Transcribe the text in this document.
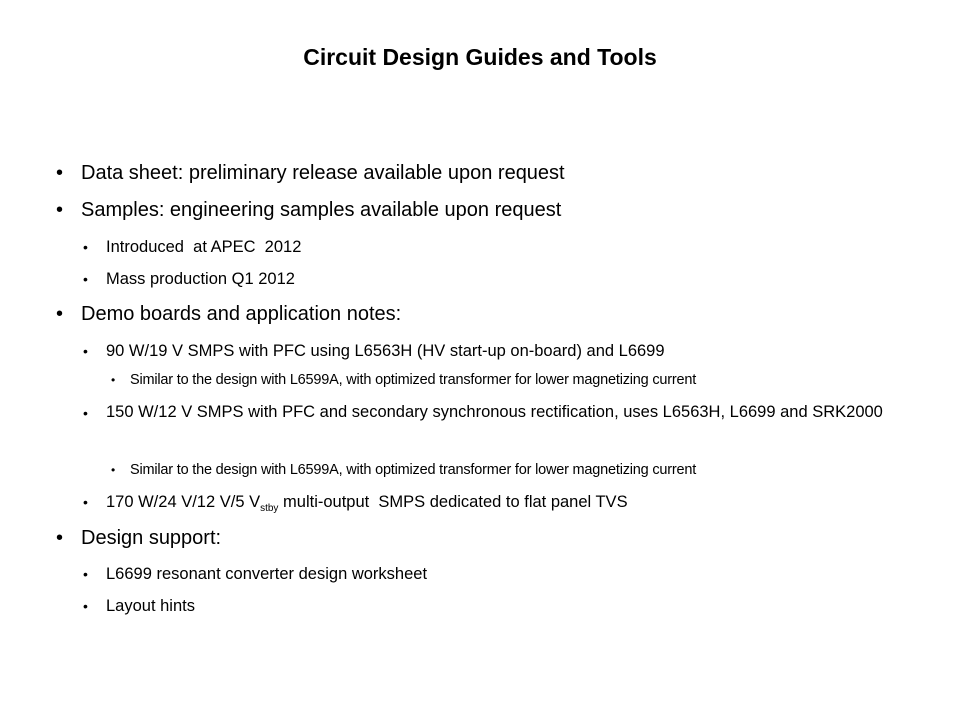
Circuit Design Guides and Tools
• Data sheet: preliminary release available upon request
• Samples: engineering samples available upon request
• Introduced  at APEC  2012
• Mass production Q1 2012
• Demo boards and application notes:
• 90 W/19 V SMPS with PFC using L6563H (HV start-up on-board) and L6699
• Similar to the design with L6599A, with optimized transformer for lower magnetizing current
• 150 W/12 V SMPS with PFC and secondary synchronous rectification, uses L6563H, L6699 and SRK2000
• Similar to the design with L6599A, with optimized transformer for lower magnetizing current
• 170 W/24 V/12 V/5 $V_{stby}$ multi-output  SMPS dedicated to flat panel TVS
• Design support:
• L6699 resonant converter design worksheet
• Layout hints
